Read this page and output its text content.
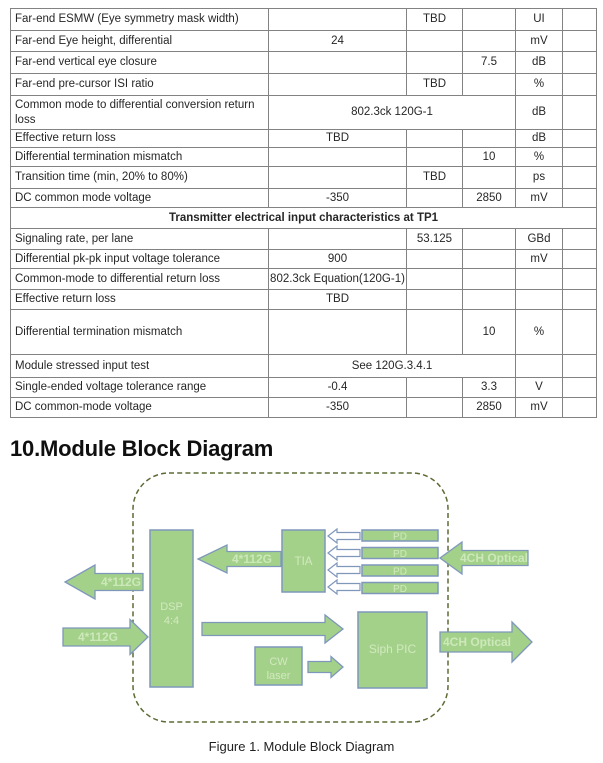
Far-end ESMW (Eye symmetry mask width)		TBD		UI	
Far-end Eye height, differential	24			mV	
Far-end vertical eye closure			7.5	dB	
Far-end pre-cursor ISI ratio		TBD		%	
Common mode to differential conversion return loss	802.3ck 120G-1			dB	
Effective return loss	TBD			dB	
Differential termination mismatch			10	%	
Transition time (min, 20% to 80%)		TBD		ps	
DC common mode voltage	-350		2850	mV	
Transmitter electrical input characteristics at TP1					
Signaling rate, per lane		53.125		GBd	
Differential pk-pk input voltage tolerance	900			mV	
Common-mode to differential return loss	802.3ck Equation(120G-1)				
Effective return loss	TBD				
Differential termination mismatch			10	%	
Module stressed input test	See 120G.3.4.1				
Single-ended voltage tolerance range	-0.4		3.3	V	
DC common-mode voltage	-350		2850	mV	
10.Module Block Diagram
4*112G
4*112G
4*112G	4CH Optical
4CH Optical
DSP
4:4
TIA
PD
PD
PD
PD
CW
laser
Siph PIC
Figure 1. Module Block Diagram
